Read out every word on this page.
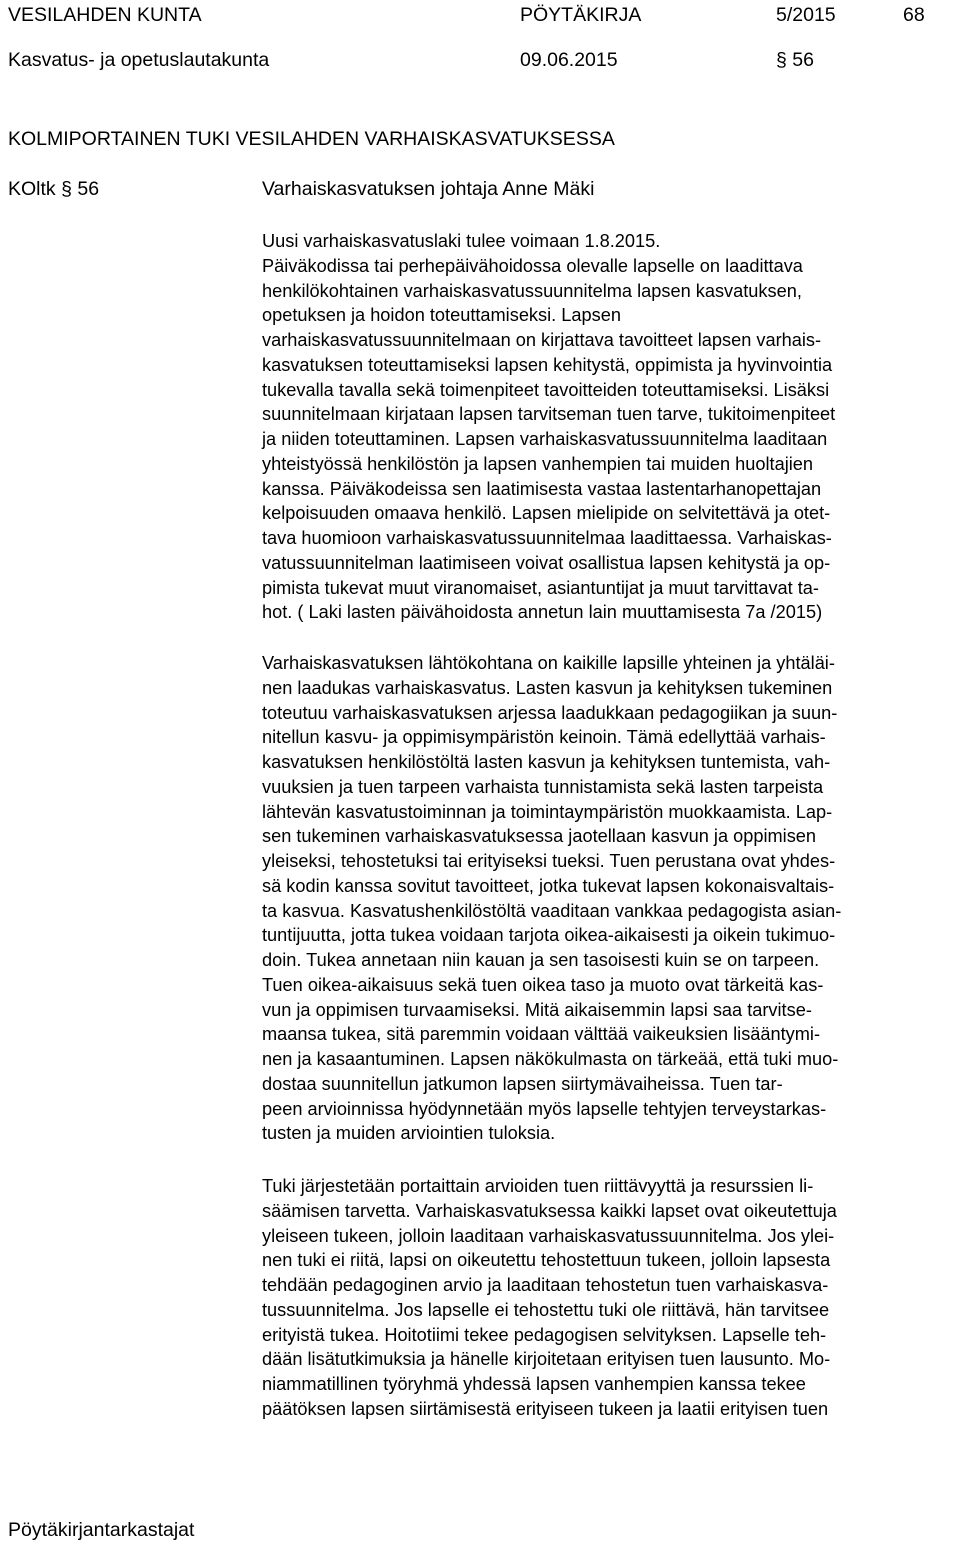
VESILAHDEN KUNTA	PÖYTÄKIRJA	5/2015	68
Kasvatus- ja opetuslautakunta	09.06.2015	§ 56
KOLMIPORTAINEN TUKI VESILAHDEN VARHAISKASVATUKSESSA
KOltk § 56	Varhaiskasvatuksen johtaja Anne Mäki
Uusi varhaiskasvatuslaki tulee voimaan 1.8.2015.
Päiväkodissa tai perhepäivähoidossa olevalle lapselle on laadittava
henkilökohtainen varhaiskasvatussuunnitelma lapsen kasvatuksen,
opetuksen ja hoidon toteuttamiseksi. Lapsen
varhaiskasvatussuunnitelmaan on kirjattava tavoitteet lapsen varhais-
kasvatuksen toteuttamiseksi lapsen kehitystä, oppimista ja hyvinvointia
tukevalla tavalla sekä toimenpiteet tavoitteiden toteuttamiseksi. Lisäksi
suunnitelmaan kirjataan lapsen tarvitseman tuen tarve, tukitoimenpiteet
ja niiden toteuttaminen. Lapsen varhaiskasvatussuunnitelma laaditaan
yhteistyössä henkilöstön ja lapsen vanhempien tai muiden huoltajien
kanssa. Päiväkodeissa sen laatimisesta vastaa lastentarhanopettajan
kelpoisuuden omaava henkilö. Lapsen mielipide on selvitettävä ja otet-
tava huomioon varhaiskasvatussuunnitelmaa laadittaessa. Varhaiskas-
vatussuunnitelman laatimiseen voivat osallistua lapsen kehitystä ja op-
pimista tukevat muut viranomaiset, asiantuntijat ja muut tarvittavat ta-
hot. ( Laki lasten päivähoidosta annetun lain muuttamisesta 7a /2015)
Varhaiskasvatuksen lähtökohtana on kaikille lapsille yhteinen ja yhtäläi-
nen laadukas varhaiskasvatus. Lasten kasvun ja kehityksen tukeminen
toteutuu varhaiskasvatuksen arjessa laadukkaan pedagogiikan ja suun-
nitellun kasvu- ja oppimisympäristön keinoin. Tämä edellyttää varhais-
kasvatuksen henkilöstöltä lasten kasvun ja kehityksen tuntemista, vah-
vuuksien ja tuen tarpeen varhaista tunnistamista sekä lasten tarpeista
lähtevän kasvatustoiminnan ja toimintaympäristön muokkaamista. Lap-
sen tukeminen varhaiskasvatuksessa jaotellaan kasvun ja oppimisen
yleiseksi, tehostetuksi tai erityiseksi tueksi. Tuen perustana ovat yhdes-
sä kodin kanssa sovitut tavoitteet, jotka tukevat lapsen kokonaisvaltais-
ta kasvua. Kasvatushenkilöstöltä vaaditaan vankkaa pedagogista asian-
tuntijuutta, jotta tukea voidaan tarjota oikea-aikaisesti ja oikein tukimuo-
doin. Tukea annetaan niin kauan ja sen tasoisesti kuin se on tarpeen.
Tuen oikea-aikaisuus sekä tuen oikea taso ja muoto ovat tärkeitä kas-
vun ja oppimisen turvaamiseksi. Mitä aikaisemmin lapsi saa tarvitse-
maansa tukea, sitä paremmin voidaan välttää vaikeuksien lisääntymi-
nen ja kasaantuminen. Lapsen näkökulmasta on tärkeää, että tuki muo-
dostaa suunnitellun jatkumon lapsen siirtymävaiheissa. Tuen tar-
peen arvioinnissa hyödynnetään myös lapselle tehtyjen terveystarkas-
tusten ja muiden arviointien tuloksia.
Tuki järjestetään portaittain arvioiden tuen riittävyyttä ja resurssien li-
säämisen tarvetta. Varhaiskasvatuksessa kaikki lapset ovat oikeutettuja
yleiseen tukeen, jolloin laaditaan varhaiskasvatussuunnitelma. Jos ylei-
nen tuki ei riitä, lapsi on oikeutettu tehostettuun tukeen, jolloin lapsesta
tehdään pedagoginen arvio ja laaditaan tehostetun tuen varhaiskasva-
tussuunnitelma. Jos lapselle ei tehostettu tuki ole riittävä, hän tarvitsee
erityistä tukea. Hoitotiimi tekee pedagogisen selvityksen. Lapselle teh-
dään lisätutkimuksia ja hänelle kirjoitetaan erityisen tuen lausunto. Mo-
niammatillinen työryhmä yhdessä lapsen vanhempien kanssa tekee
päätöksen lapsen siirtämisestä erityiseen tukeen ja laatii erityisen tuen
Pöytäkirjantarkastajat
